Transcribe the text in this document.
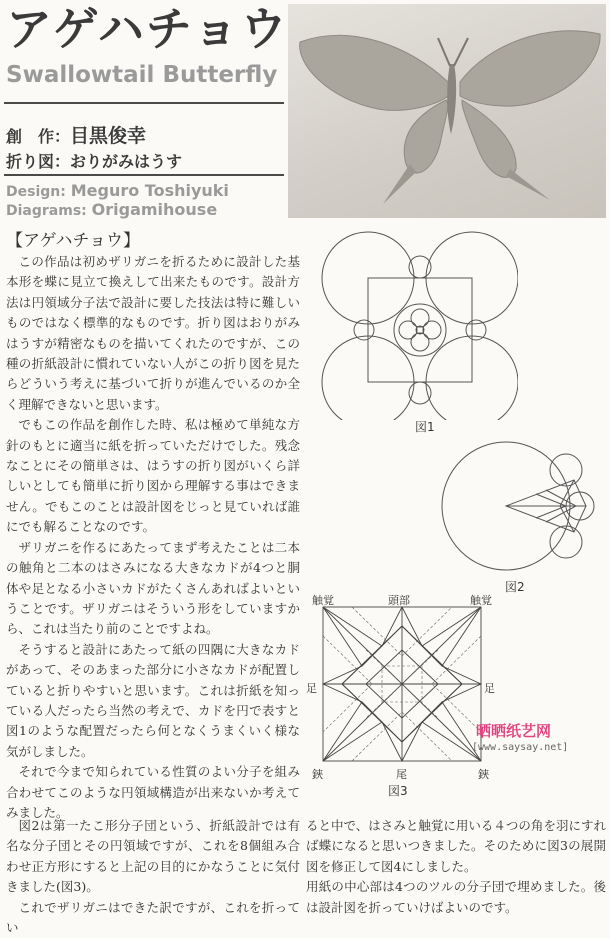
アゲハチョウ
Swallowtail Butterfly
創　作：目黒俊幸
折り図：おりがみはうす
Design: Meguro Toshiyuki
Diagrams: Origamihouse
【アゲハチョウ】

この作品は初めザリガニを折るために設計した基本形を蝶に見立て換えして出来たものです。設計方法は円領域分子法で設計に要した技法は特に難しいものではなく標準的なものです。折り図はおりがみはうすが精密なものを描いてくれたのですが、この種の折紙設計に慣れていない人がこの折り図を見たらどういう考えに基づいて折りが進んでいるのか全く理解できないと思います。

でもこの作品を創作した時、私は極めて単純な方針のもとに適当に紙を折っていただけでした。残念なことにその簡単さは、はうすの折り図がいくら詳しいとしても簡単に折り図から理解する事はできません。でもこのことは設計図をじっと見ていれば誰にでも解ることなのです。

ザリガニを作るにあたってまず考えたことは二本の触角と二本のはさみになる大きなカドが4つと胴体や足となる小さいカドがたくさんあればよいということです。ザリガニはそういう形をしていますから、これは当たり前のことですよね。

そうすると設計にあたって紙の四隅に大きなカドがあって、そのあまった部分に小さなカドが配置していると折りやすいと思います。これは折紙を知っている人だったら当然の考えで、カドを円で表すと図1のような配置だったら何となくうまくいく様な気がしました。

それで今まで知られている性質のよい分子を組み合わせてこのような円領域構造が出来ないか考えてみました。

図1
図2
触覚	頭部	触覚
足	足
鋏	尾	鋏
図3
晒晒纸艺网
[www.saysay.net]

図2は第一たこ形分子団という、折紙設計では有名な分子団とその円領域ですが、これを8個組み合わせ正方形にすると上記の目的にかなうことに気付きました(図3)。

これでザリガニはできた訳ですが、これを折ってい

ると中で、はさみと触覚に用いる４つの角を羽にすれば蝶になると思いつきました。そのために図3の展開図を修正して図4にしました。

用紙の中心部は4つのツルの分子団で埋めました。後は設計図を折っていけばよいのです。
